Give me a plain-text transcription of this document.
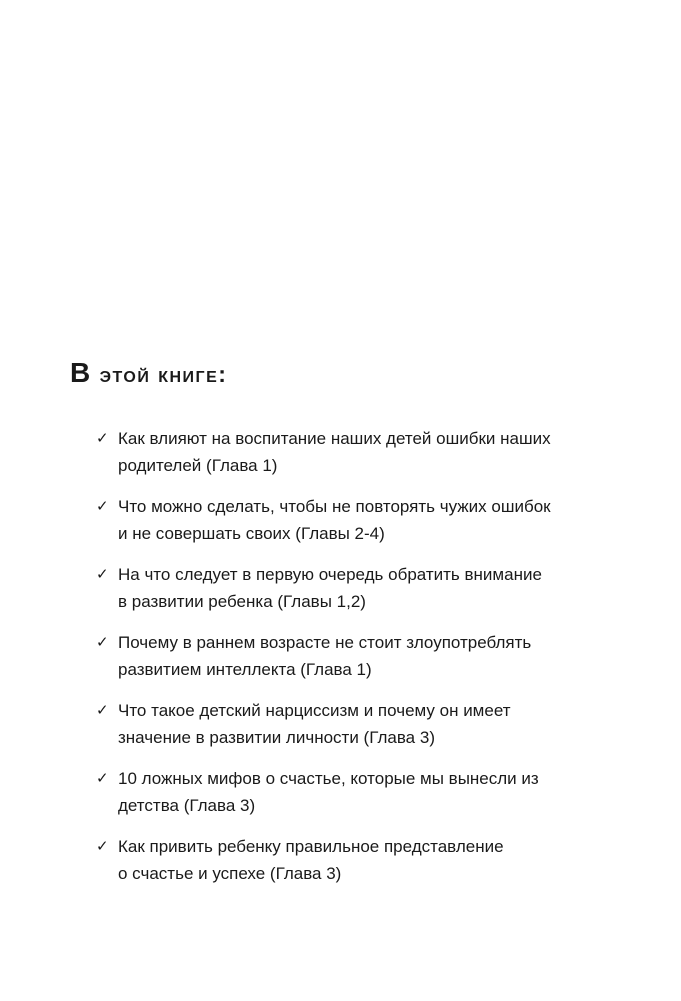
В этой книге:
✓ Как влияют на воспитание наших детей ошибки наших
родителей (Глава 1)
✓ Что можно сделать, чтобы не повторять чужих ошибок
и не совершать своих (Главы 2-4)
✓ На что следует в первую очередь обратить внимание
в развитии ребенка (Главы 1,2)
✓ Почему в раннем возрасте не стоит злоупотреблять
развитием интеллекта (Глава 1)
✓ Что такое детский нарциссизм и почему он имеет
значение в развитии личности (Глава 3)
✓ 10 ложных мифов о счастье, которые мы вынесли из
детства (Глава 3)
✓ Как привить ребенку правильное представление
о счастье и успехе (Глава 3)
